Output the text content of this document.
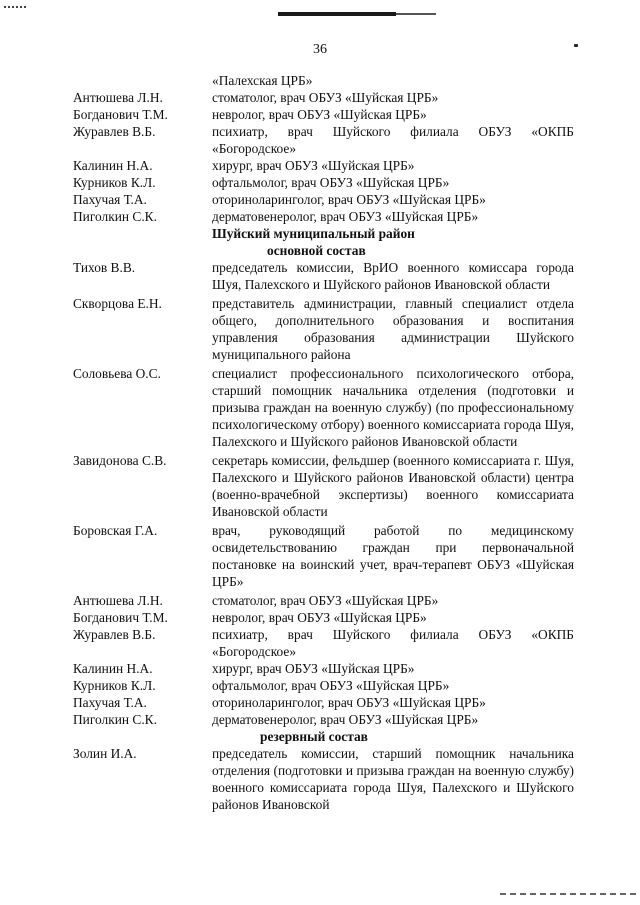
36
«Палехская ЦРБ»
Антюшева Л.Н.	стоматолог, врач ОБУЗ «Шуйская ЦРБ»
Богданович Т.М.	невролог, врач ОБУЗ «Шуйская ЦРБ»
Журавлев В.Б.	психиатр, врач Шуйского филиала ОБУЗ «ОКПБ «Богородское»
Калинин Н.А.	хирург, врач ОБУЗ «Шуйская ЦРБ»
Курников К.Л.	офтальмолог, врач ОБУЗ «Шуйская ЦРБ»
Пахучая Т.А.	оториноларинголог, врач ОБУЗ «Шуйская ЦРБ»
Пиголкин С.К.	дерматовенеролог, врач ОБУЗ «Шуйская ЦРБ»
Шуйский муниципальный район
основной состав
Тихов В.В.	председатель комиссии, ВрИО военного комиссара города Шуя, Палехского и Шуйского районов Ивановской области
Скворцова Е.Н.	представитель администрации, главный специалист отдела общего, дополнительного образования и воспитания управления образования администрации Шуйского муниципального района
Соловьева О.С.	специалист профессионального психологического отбора, старший помощник начальника отделения (подготовки и призыва граждан на военную службу) (по профессиональному психологическому отбору) военного комиссариата города Шуя, Палехского и Шуйского районов Ивановской области
Завидонова С.В.	секретарь комиссии, фельдшер (военного комиссариата г. Шуя, Палехского и Шуйского районов Ивановской области) центра (военно-врачебной экспертизы) военного комиссариата Ивановской области
Боровская Г.А.	врач, руководящий работой по медицинскому освидетельствованию граждан при первоначальной постановке на воинский учет, врач-терапевт ОБУЗ «Шуйская ЦРБ»
Антюшева Л.Н.	стоматолог, врач ОБУЗ «Шуйская ЦРБ»
Богданович Т.М.	невролог, врач ОБУЗ «Шуйская ЦРБ»
Журавлев В.Б.	психиатр, врач Шуйского филиала ОБУЗ «ОКПБ «Богородское»
Калинин Н.А.	хирург, врач ОБУЗ «Шуйская ЦРБ»
Курников К.Л.	офтальмолог, врач ОБУЗ «Шуйская ЦРБ»
Пахучая Т.А.	оториноларинголог, врач ОБУЗ «Шуйская ЦРБ»
Пиголкин С.К.	дерматовенеролог, врач ОБУЗ «Шуйская ЦРБ»
резервный состав
Золин И.А.	председатель комиссии, старший помощник начальника отделения (подготовки и призыва граждан на военную службу) военного комиссариата города Шуя, Палехского и Шуйского районов Ивановской
